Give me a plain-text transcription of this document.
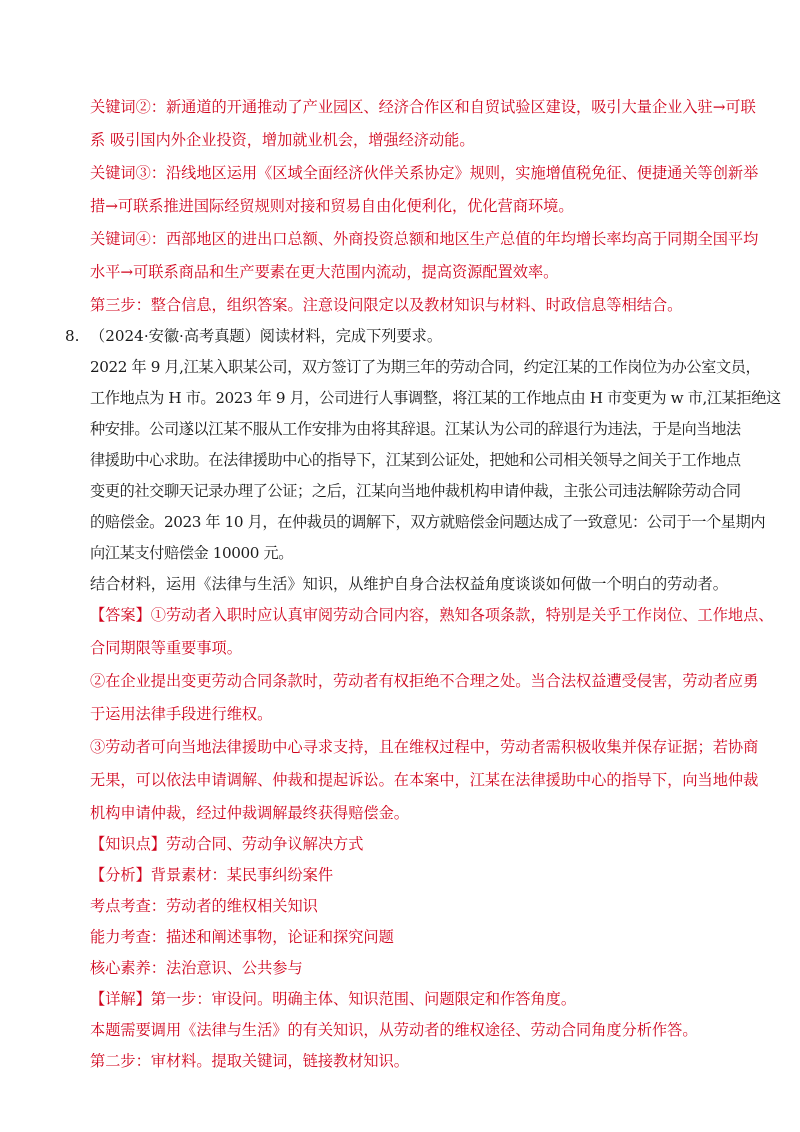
关键词②：新通道的开通推动了产业园区、经济合作区和自贸试验区建设，吸引大量企业入驻→可联
系 吸引国内外企业投资，增加就业机会，增强经济动能。
关键词③：沿线地区运用《区域全面经济伙伴关系协定》规则，实施增值税免征、便捷通关等创新举
措→可联系推进国际经贸规则对接和贸易自由化便利化，优化营商环境。
关键词④：西部地区的进出口总额、外商投资总额和地区生产总值的年均增长率均高于同期全国平均
水平→可联系商品和生产要素在更大范围内流动，提高资源配置效率。
第三步：整合信息，组织答案。注意设问限定以及教材知识与材料、时政信息等相结合。
8. （2024·安徽·高考真题）阅读材料，完成下列要求。
2022 年 9 月,江某入职某公司，双方签订了为期三年的劳动合同，约定江某的工作岗位为办公室文员，
工作地点为 H 市。2023 年 9 月，公司进行人事调整，将江某的工作地点由 H 市变更为 w 市,江某拒绝这
种安排。公司遂以江某不服从工作安排为由将其辞退。江某认为公司的辞退行为违法，于是向当地法
律援助中心求助。在法律援助中心的指导下，江某到公证处，把她和公司相关领导之间关于工作地点
变更的社交聊天记录办理了公证；之后，江某向当地仲裁机构申请仲裁，主张公司违法解除劳动合同
的赔偿金。2023 年 10 月，在仲裁员的调解下，双方就赔偿金问题达成了一致意见：公司于一个星期内
向江某支付赔偿金 10000 元。
结合材料，运用《法律与生活》知识，从维护自身合法权益角度谈谈如何做一个明白的劳动者。
【答案】①劳动者入职时应认真审阅劳动合同内容，熟知各项条款，特别是关乎工作岗位、工作地点、
合同期限等重要事项。
②在企业提出变更劳动合同条款时，劳动者有权拒绝不合理之处。当合法权益遭受侵害，劳动者应勇
于运用法律手段进行维权。
③劳动者可向当地法律援助中心寻求支持，且在维权过程中，劳动者需积极收集并保存证据；若协商
无果，可以依法申请调解、仲裁和提起诉讼。在本案中，江某在法律援助中心的指导下，向当地仲裁
机构申请仲裁，经过仲裁调解最终获得赔偿金。
【知识点】劳动合同、劳动争议解决方式
【分析】背景素材：某民事纠纷案件
考点考查：劳动者的维权相关知识
能力考查：描述和阐述事物，论证和探究问题
核心素养：法治意识、公共参与
【详解】第一步：审设问。明确主体、知识范围、问题限定和作答角度。
本题需要调用《法律与生活》的有关知识，从劳动者的维权途径、劳动合同角度分析作答。
第二步：审材料。提取关键词，链接教材知识。
